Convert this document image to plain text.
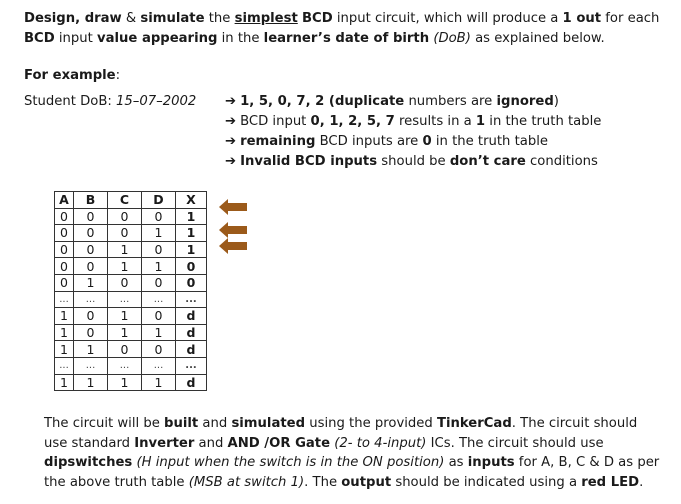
Design, draw & simulate the simplest BCD input circuit, which will produce a 1 out for each BCD input value appearing in the learner’s date of birth (DoB) as explained below.
For example:
Student DoB: 15–07–2002 ➔ 1, 5, 0, 7, 2 (duplicate numbers are ignored)
➔ BCD input 0, 1, 2, 5, 7 results in a 1 in the truth table
➔ remaining BCD inputs are 0 in the truth table
➔ Invalid BCD inputs should be don’t care conditions
A	B	C	D	X
0	0	0	0	1
0	0	0	1	1
0	0	1	0	1
0	0	1	1	0
0	1	0	0	0
...	...	...	...	...
1	0	1	0	d
1	0	1	1	d
1	1	0	0	d
...	...	...	...	...
1	1	1	1	d
The circuit will be built and simulated using the provided TinkerCad. The circuit should use standard Inverter and AND /OR Gate (2- to 4-input) ICs. The circuit should use dipswitches (H input when the switch is in the ON position) as inputs for A, B, C & D as per the above truth table (MSB at switch 1). The output should be indicated using a red LED.
